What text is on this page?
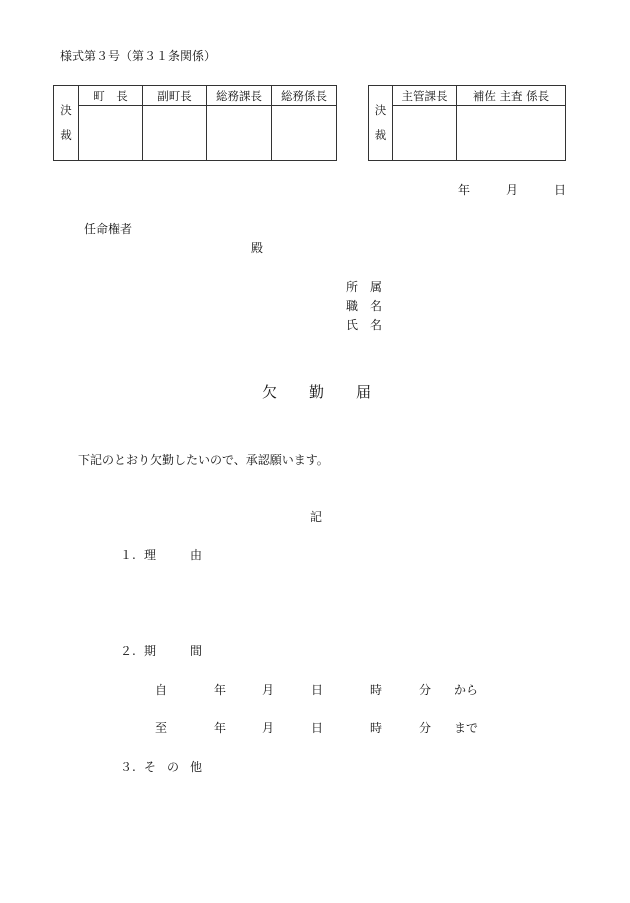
様式第３号（第３１条関係）
決
裁	町　長	副町長	総務課長	総務係長

決
裁	主管課長	補佐 主査 係長

年	月	日
任命権者
殿
所　属
職　名
氏　名
欠 勤 届
下記のとおり欠勤したいので、承認願います。
記
１. 理	由
２. 期	間
自	年	月	日	時	分 から
至	年	月	日	時	分 まで
３. そ の 他
